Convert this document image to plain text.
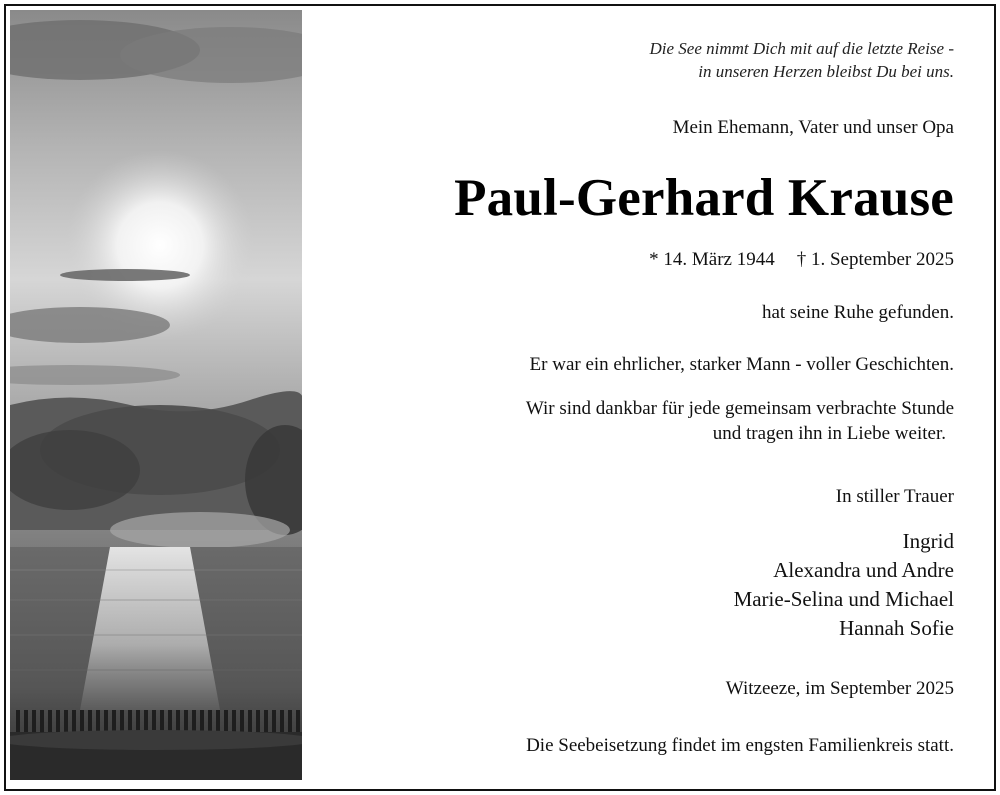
Die See nimmt Dich mit auf die letzte Reise -
in unseren Herzen bleibst Du bei uns.
Mein Ehemann, Vater und unser Opa
Paul-Gerhard Krause
* 14. März 1944 † 1. September 2025
hat seine Ruhe gefunden.
Er war ein ehrlicher, starker Mann - voller Geschichten.
Wir sind dankbar für jede gemeinsam verbrachte Stunde
und tragen ihn in Liebe weiter.
In stiller Trauer
Ingrid
Alexandra und Andre
Marie-Selina und Michael
Hannah Sofie
Witzeeze, im September 2025
Die Seebeisetzung findet im engsten Familienkreis statt.
